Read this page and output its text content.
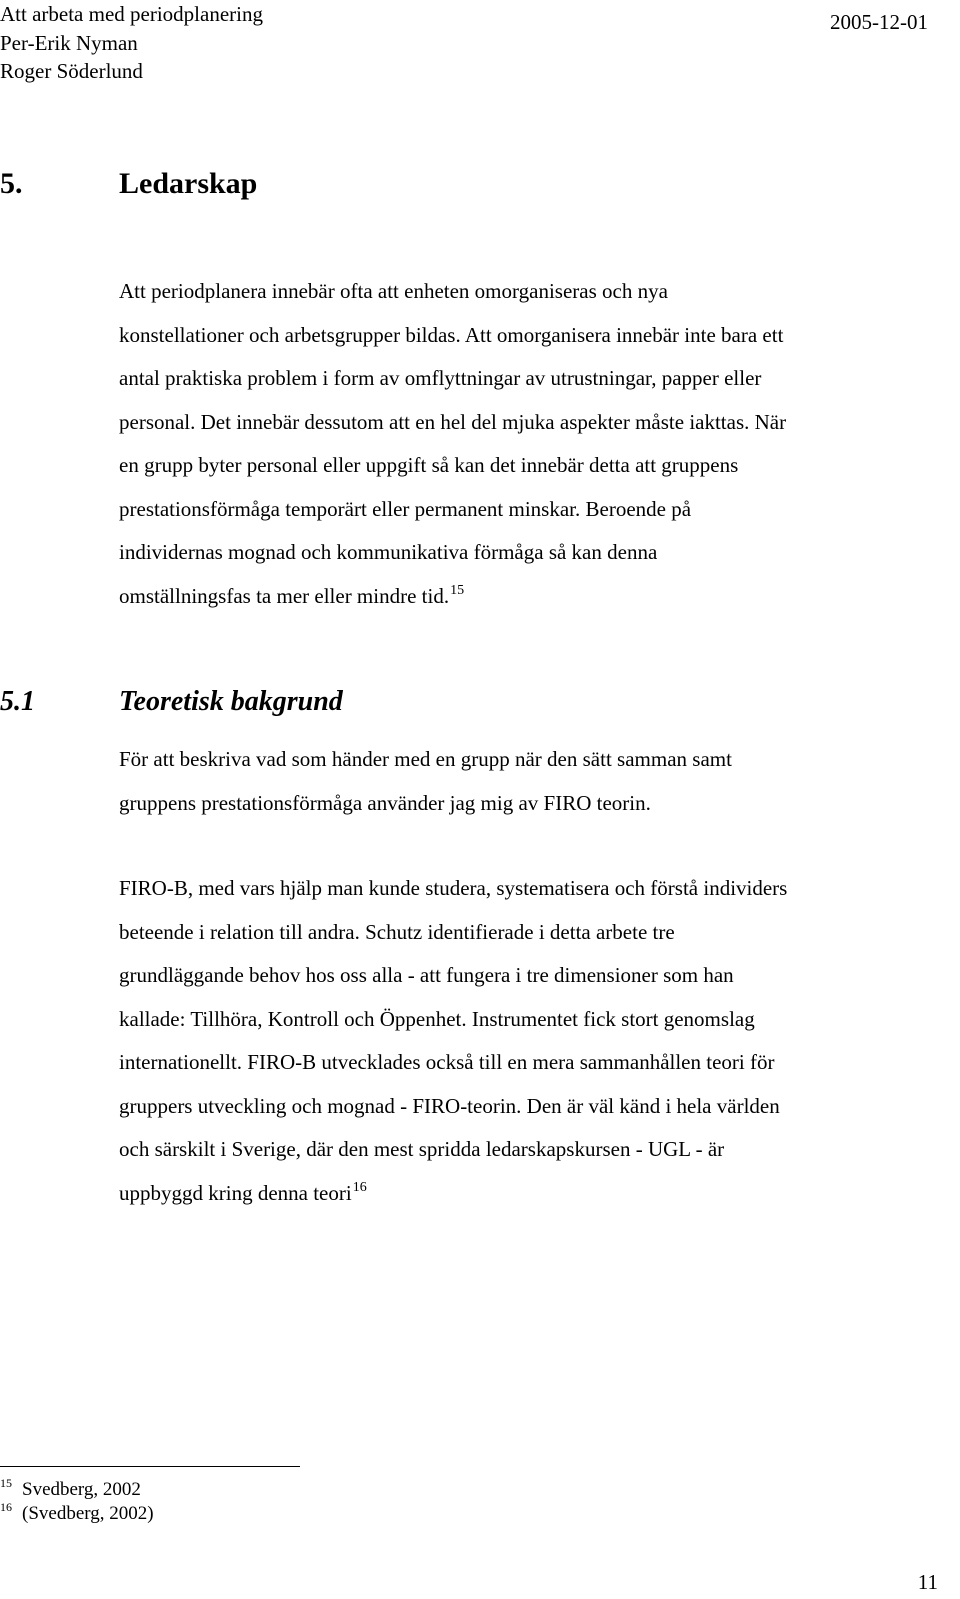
Att arbeta med periodplanering
Per-Erik Nyman
Roger Söderlund
2005-12-01
5.	Ledarskap
Att periodplanera innebär ofta att enheten omorganiseras och nya
konstellationer och arbetsgrupper bildas. Att omorganisera innebär inte bara ett
antal praktiska problem i form av omflyttningar av utrustningar, papper eller
personal. Det innebär dessutom att en hel del mjuka aspekter måste iakttas. När
en grupp byter personal eller uppgift så kan det innebär detta att gruppens
prestationsförmåga temporärt eller permanent minskar. Beroende på
individernas mognad och kommunikativa förmåga så kan denna
omställningsfas ta mer eller mindre tid.$^{15}$
5.1	Teoretisk bakgrund
För att beskriva vad som händer med en grupp när den sätt samman samt
gruppens prestationsförmåga använder jag mig av FIRO teorin.
FIRO-B, med vars hjälp man kunde studera, systematisera och förstå individers
beteende i relation till andra. Schutz identifierade i detta arbete tre
grundläggande behov hos oss alla - att fungera i tre dimensioner som han
kallade: Tillhöra, Kontroll och Öppenhet. Instrumentet fick stort genomslag
internationellt. FIRO-B utvecklades också till en mera sammanhållen teori för
gruppers utveckling och mognad - FIRO-teorin. Den är väl känd i hela världen
och särskilt i Sverige, där den mest spridda ledarskapskursen - UGL - är
uppbyggd kring denna teori$^{16}$
15 Svedberg, 2002
16 (Svedberg, 2002)
11
